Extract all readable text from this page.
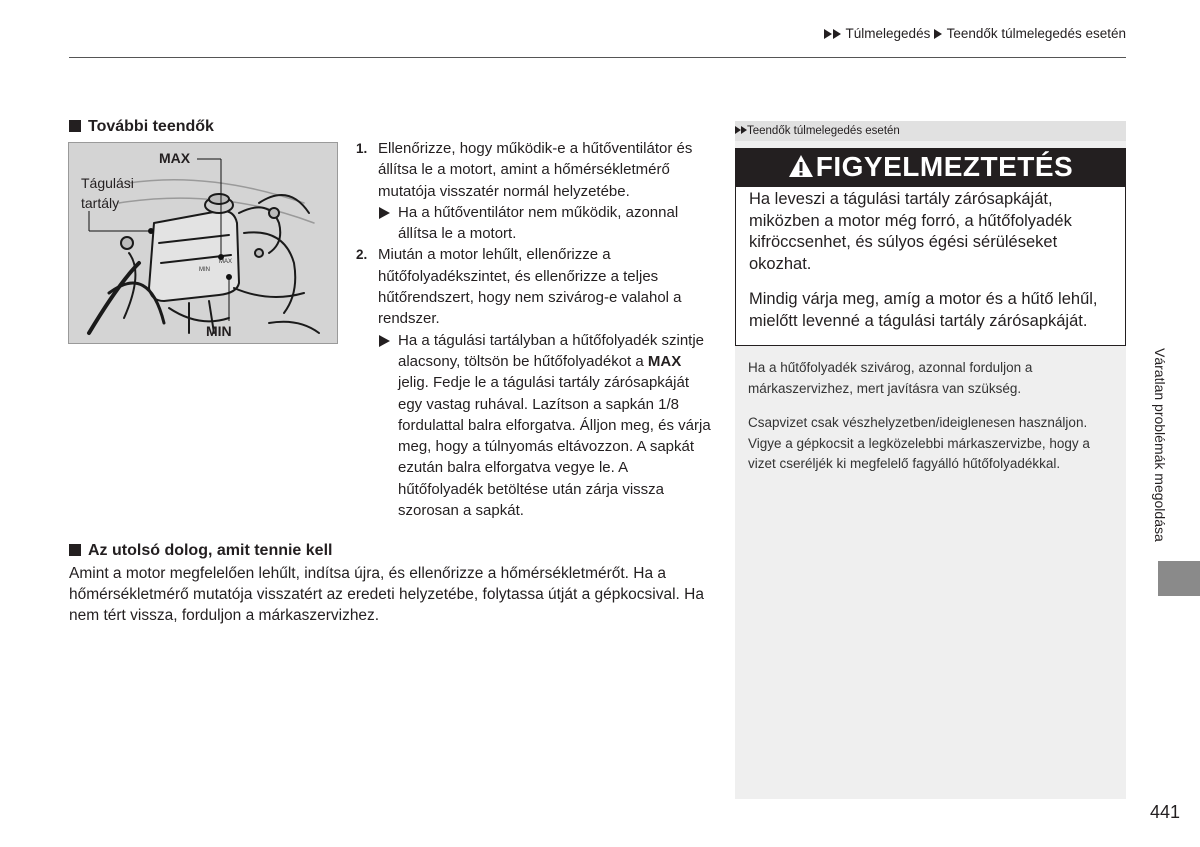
Túlmelegedés Teendők túlmelegedés esetén
További teendők
MIN
MAX
MAX
Tágulási
tartály
MIN
1. Ellenőrizze, hogy működik-e a hűtőventilátor és állítsa le a motort, amint a hőmérsékletmérő mutatója visszatér normál helyzetébe.
Ha a hűtőventilátor nem működik, azonnal állítsa le a motort.
2. Miután a motor lehűlt, ellenőrizze a hűtőfolyadékszintet, és ellenőrizze a teljes hűtőrendszert, hogy nem szivárog-e valahol a rendszer.
Ha a tágulási tartályban a hűtőfolyadék szintje alacsony, töltsön be hűtőfolyadékot a MAX jelig. Fedje le a tágulási tartály zárósapkáját egy vastag ruhával. Lazítson a sapkán 1/8 fordulattal balra elforgatva. Álljon meg, és várja meg, hogy a túlnyomás eltávozzon. A sapkát ezután balra elforgatva vegye le. A hűtőfolyadék betöltése után zárja vissza szorosan a sapkát.
Az utolsó dolog, amit tennie kell
Amint a motor megfelelően lehűlt, indítsa újra, és ellenőrizze a hőmérsékletmérőt. Ha a hőmérsékletmérő mutatója visszatért az eredeti helyzetébe, folytassa útját a gépkocsival. Ha nem tért vissza, forduljon a márkaszervizhez.
Teendők túlmelegedés esetén
FIGYELMEZTETÉS

Ha leveszi a tágulási tartály zárósapkáját, miközben a motor még forró, a hűtőfolyadék kifröccsenhet, és súlyos égési sérüléseket okozhat.

Mindig várja meg, amíg a motor és a hűtő lehűl, mielőtt levenné a tágulási tartály zárósapkáját.

Ha a hűtőfolyadék szivárog, azonnal forduljon a márkaszervizhez, mert javításra van szükség.

Csapvizet csak vészhelyzetben/ideiglenesen használjon. Vigye a gépkocsit a legközelebbi márkaszervizbe, hogy a vizet cseréljék ki megfelelő fagyálló hűtőfolyadékkal.	Váratlan problémák megoldása
441
